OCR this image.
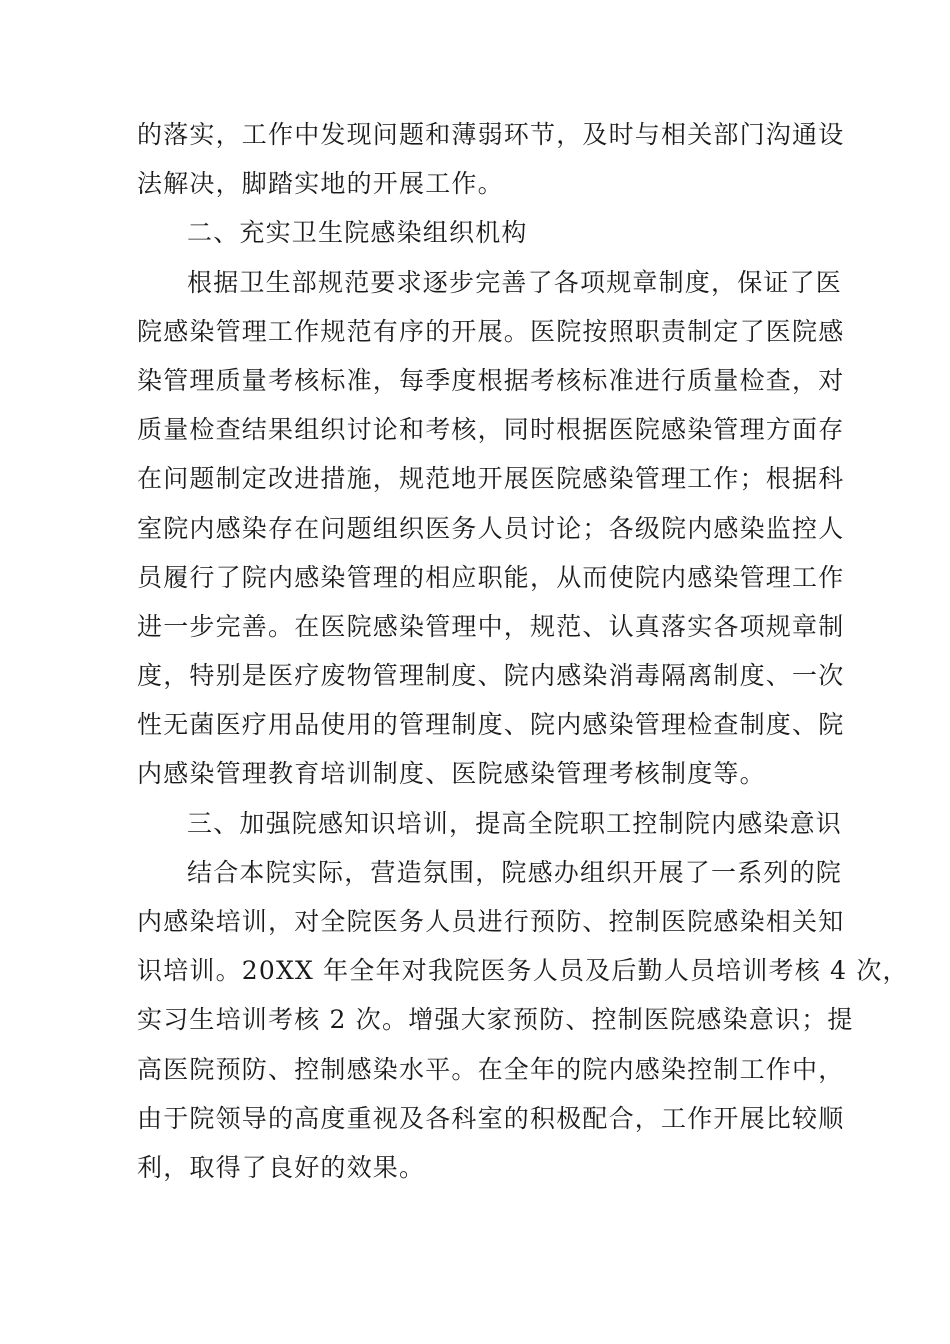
的落实，工作中发现问题和薄弱环节，及时与相关部门沟通设
法解决，脚踏实地的开展工作。
二、充实卫生院感染组织机构
根据卫生部规范要求逐步完善了各项规章制度，保证了医
院感染管理工作规范有序的开展。医院按照职责制定了医院感
染管理质量考核标准，每季度根据考核标准进行质量检查，对
质量检查结果组织讨论和考核，同时根据医院感染管理方面存
在问题制定改进措施，规范地开展医院感染管理工作；根据科
室院内感染存在问题组织医务人员讨论；各级院内感染监控人
员履行了院内感染管理的相应职能，从而使院内感染管理工作
进一步完善。在医院感染管理中，规范、认真落实各项规章制
度，特别是医疗废物管理制度、院内感染消毒隔离制度、一次
性无菌医疗用品使用的管理制度、院内感染管理检查制度、院
内感染管理教育培训制度、医院感染管理考核制度等。
三、加强院感知识培训，提高全院职工控制院内感染意识
结合本院实际，营造氛围，院感办组织开展了一系列的院
内感染培训，对全院医务人员进行预防、控制医院感染相关知
识培训。20XX 年全年对我院医务人员及后勤人员培训考核 4 次，
实习生培训考核 2 次。增强大家预防、控制医院感染意识；提
高医院预防、控制感染水平。在全年的院内感染控制工作中，
由于院领导的高度重视及各科室的积极配合，工作开展比较顺
利，取得了良好的效果。
